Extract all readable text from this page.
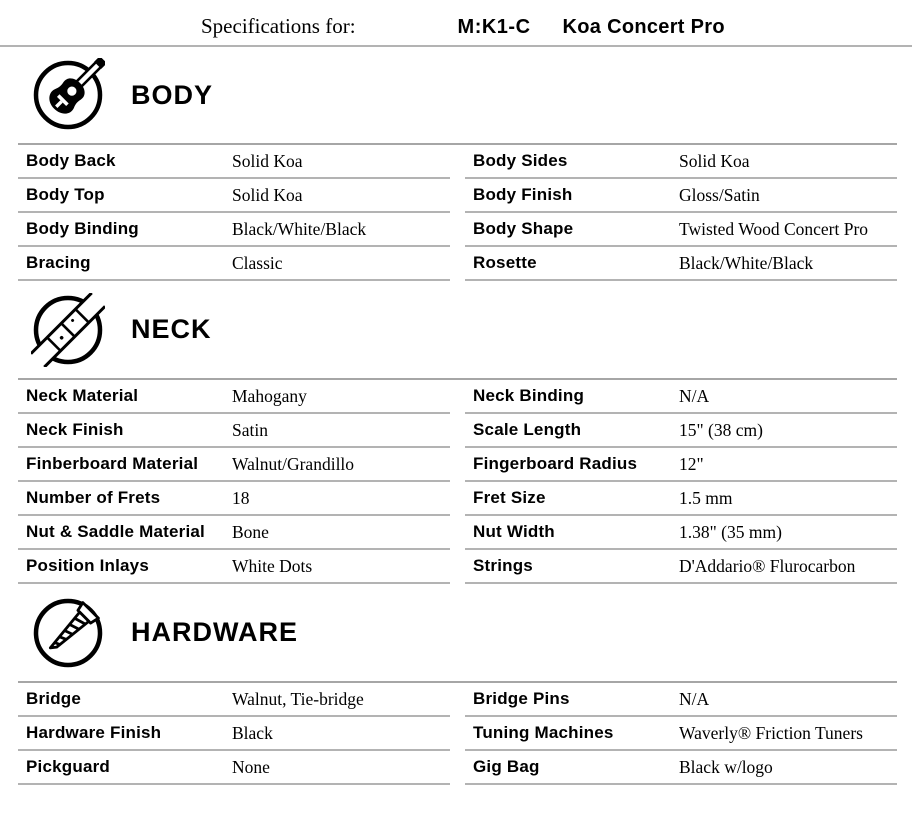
Specifications for:	M:K1-C Koa Concert Pro
BODY
Body Back	Solid Koa	Body Sides	Solid Koa
Body Top	Solid Koa	Body Finish	Gloss/Satin
Body Binding	Black/White/Black	Body Shape	Twisted Wood Concert Pro
Bracing	Classic	Rosette	Black/White/Black
NECK
Neck Material	Mahogany	Neck Binding	N/A
Neck Finish	Satin	Scale Length	15" (38 cm)
Finberboard Material	Walnut/Grandillo	Fingerboard Radius	12"
Number of Frets	18	Fret Size	1.5 mm
Nut & Saddle Material	Bone	Nut Width	1.38" (35 mm)
Position Inlays	White Dots	Strings	D'Addario® Flurocarbon
HARDWARE
Bridge	Walnut, Tie-bridge	Bridge Pins	N/A
Hardware Finish	Black	Tuning Machines	Waverly® Friction Tuners
Pickguard	None	Gig Bag	Black w/logo
